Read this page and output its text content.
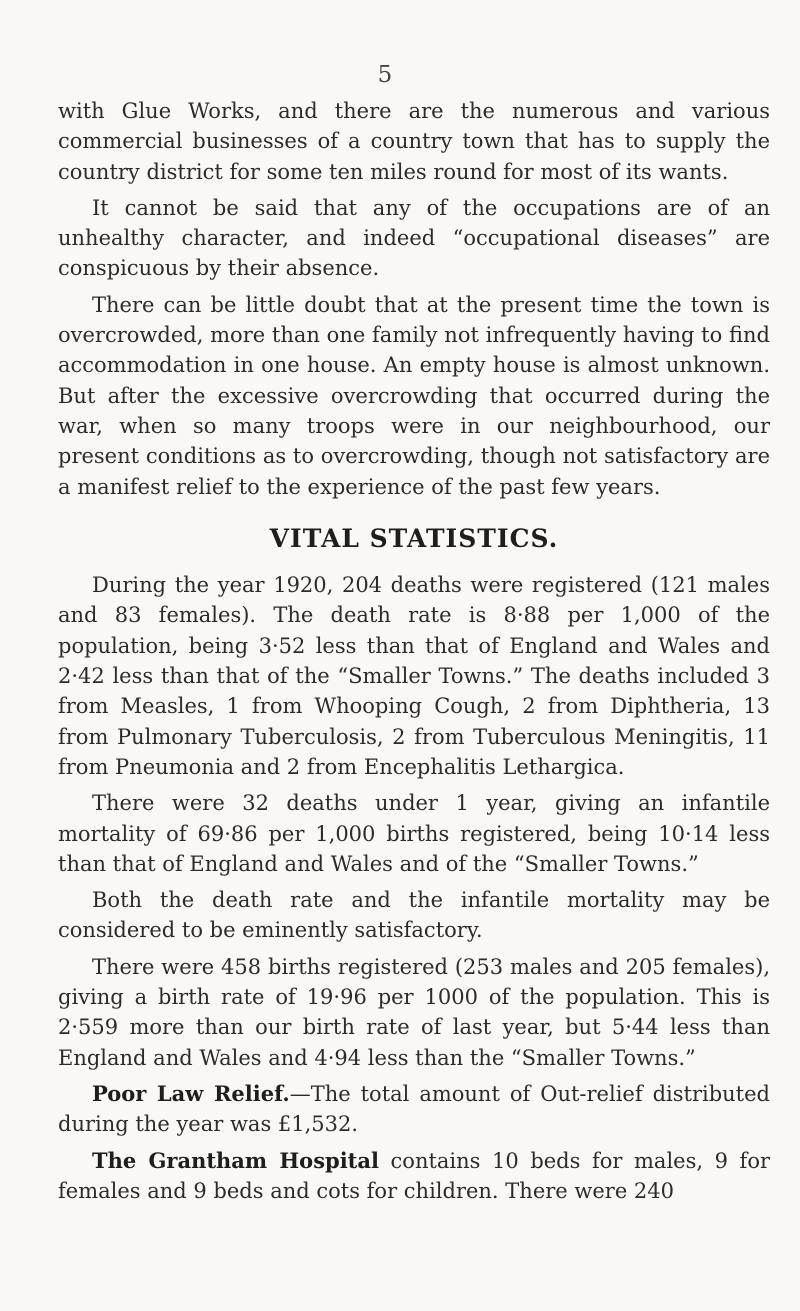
5

with Glue Works, and there are the numerous and various commercial businesses of a country town that has to supply the country district for some ten miles round for most of its wants.

It cannot be said that any of the occupations are of an unhealthy character, and indeed “occupational diseases” are conspicuous by their absence.

There can be little doubt that at the present time the town is overcrowded, more than one family not infrequently having to find accommodation in one house. An empty house is almost unknown. But after the excessive overcrowding that occurred during the war, when so many troops were in our neighbourhood, our present conditions as to overcrowding, though not satisfactory are a manifest relief to the experience of the past few years.

VITAL STATISTICS.

During the year 1920, 204 deaths were registered (121 males and 83 females). The death rate is 8·88 per 1,000 of the population, being 3·52 less than that of England and Wales and 2·42 less than that of the “Smaller Towns.” The deaths included 3 from Measles, 1 from Whooping Cough, 2 from Diphtheria, 13 from Pulmonary Tuberculosis, 2 from Tuberculous Meningitis, 11 from Pneumonia and 2 from Encephalitis Lethargica.

There were 32 deaths under 1 year, giving an infantile mortality of 69·86 per 1,000 births registered, being 10·14 less than that of England and Wales and of the “Smaller Towns.”

Both the death rate and the infantile mortality may be considered to be eminently satisfactory.

There were 458 births registered (253 males and 205 females), giving a birth rate of 19·96 per 1000 of the population. This is 2·559 more than our birth rate of last year, but 5·44 less than England and Wales and 4·94 less than the “Smaller Towns.”

Poor Law Relief.—The total amount of Out-relief distributed during the year was £1,532.

The Grantham Hospital contains 10 beds for males, 9 for females and 9 beds and cots for children. There were 240
